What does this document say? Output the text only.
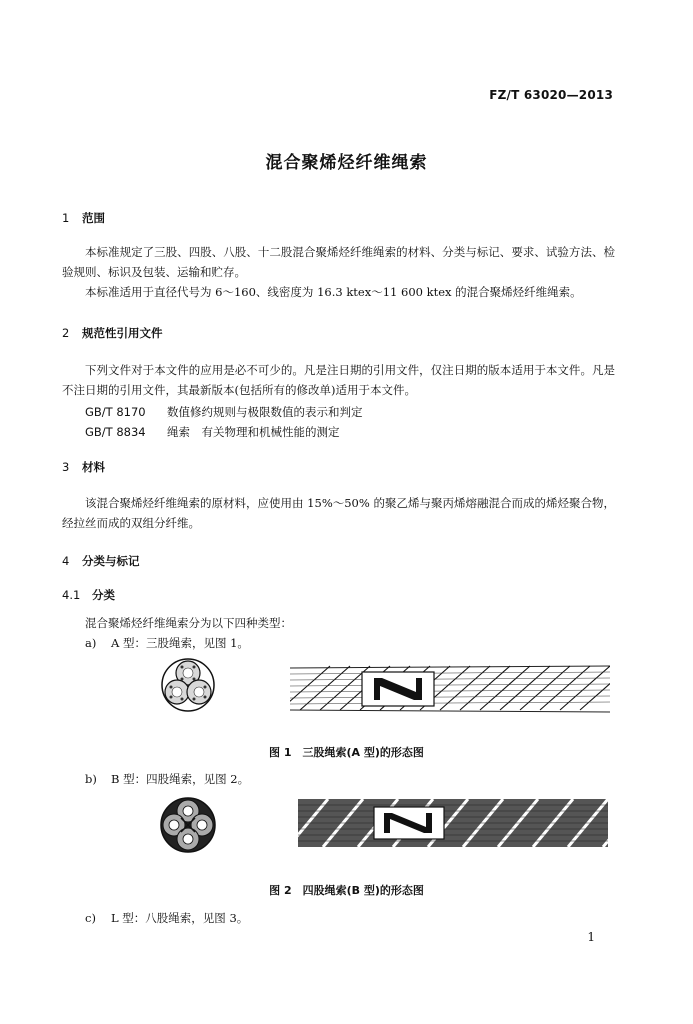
FZ/T 63020—2013
混合聚烯烃纤维绳索
1 范围

本标准规定了三股、四股、八股、十二股混合聚烯烃纤维绳索的材料、分类与标记、要求、试验方法、检验规则、标识及包装、运输和贮存。

本标准适用于直径代号为 6～160、线密度为 16.3 ktex～11 600 ktex 的混合聚烯烃纤维绳索。

2 规范性引用文件

下列文件对于本文件的应用是必不可少的。凡是注日期的引用文件，仅注日期的版本适用于本文件。凡是不注日期的引用文件，其最新版本(包括所有的修改单)适用于本文件。

GB/T 8170 数值修约规则与极限数值的表示和判定
GB/T 8834 绳索　有关物理和机械性能的测定
3 材料

该混合聚烯烃纤维绳索的原材料，应使用由 15%～50% 的聚乙烯与聚丙烯熔融混合而成的烯烃聚合物，经拉丝而成的双组分纤维。

4 分类与标记
4.1 分类
混合聚烯烃纤维绳索分为以下四种类型：
a) A 型：三股绳索，见图 1。
图 1　三股绳索(A 型)的形态图
b) B 型：四股绳索，见图 2。
图 2　四股绳索(B 型)的形态图
c) L 型：八股绳索，见图 3。
1
